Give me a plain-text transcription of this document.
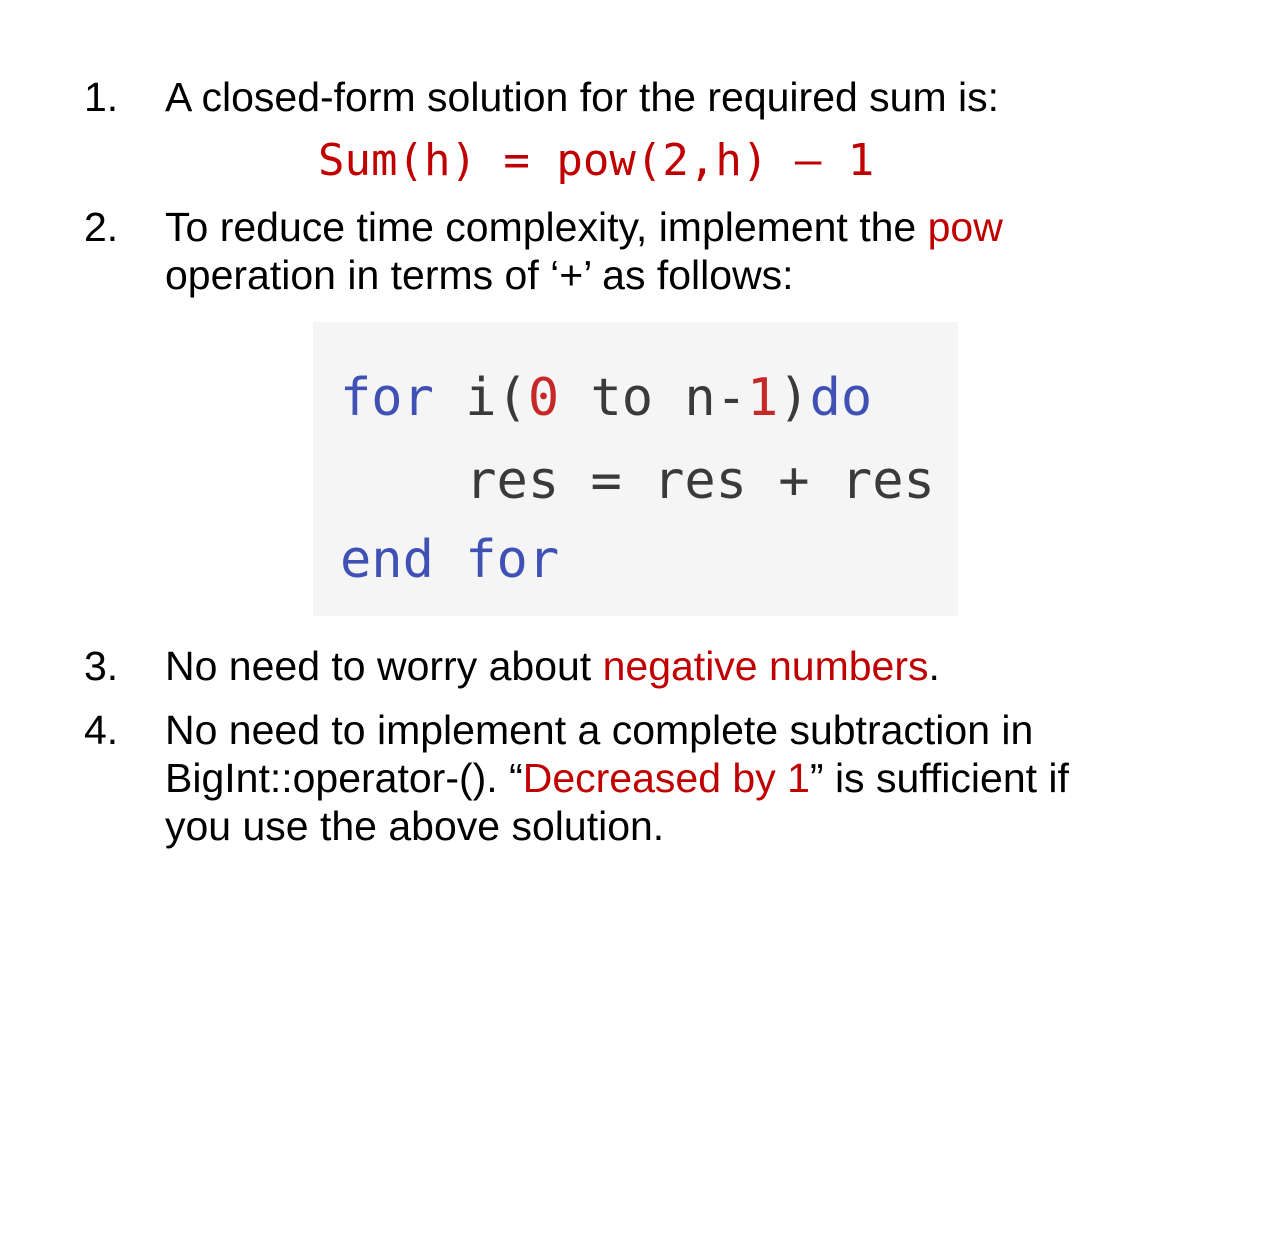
1. A closed-form solution for the required sum is:
Sum(h) = pow(2,h) – 1
2. To reduce time complexity, implement the pow
operation in terms of ‘+’ as follows:
for i(0 to n-1)do
res = res + res
end for
3. No need to worry about negative numbers.
4. No need to implement a complete subtraction in
BigInt::operator-(). “Decreased by 1” is sufficient if
you use the above solution.
